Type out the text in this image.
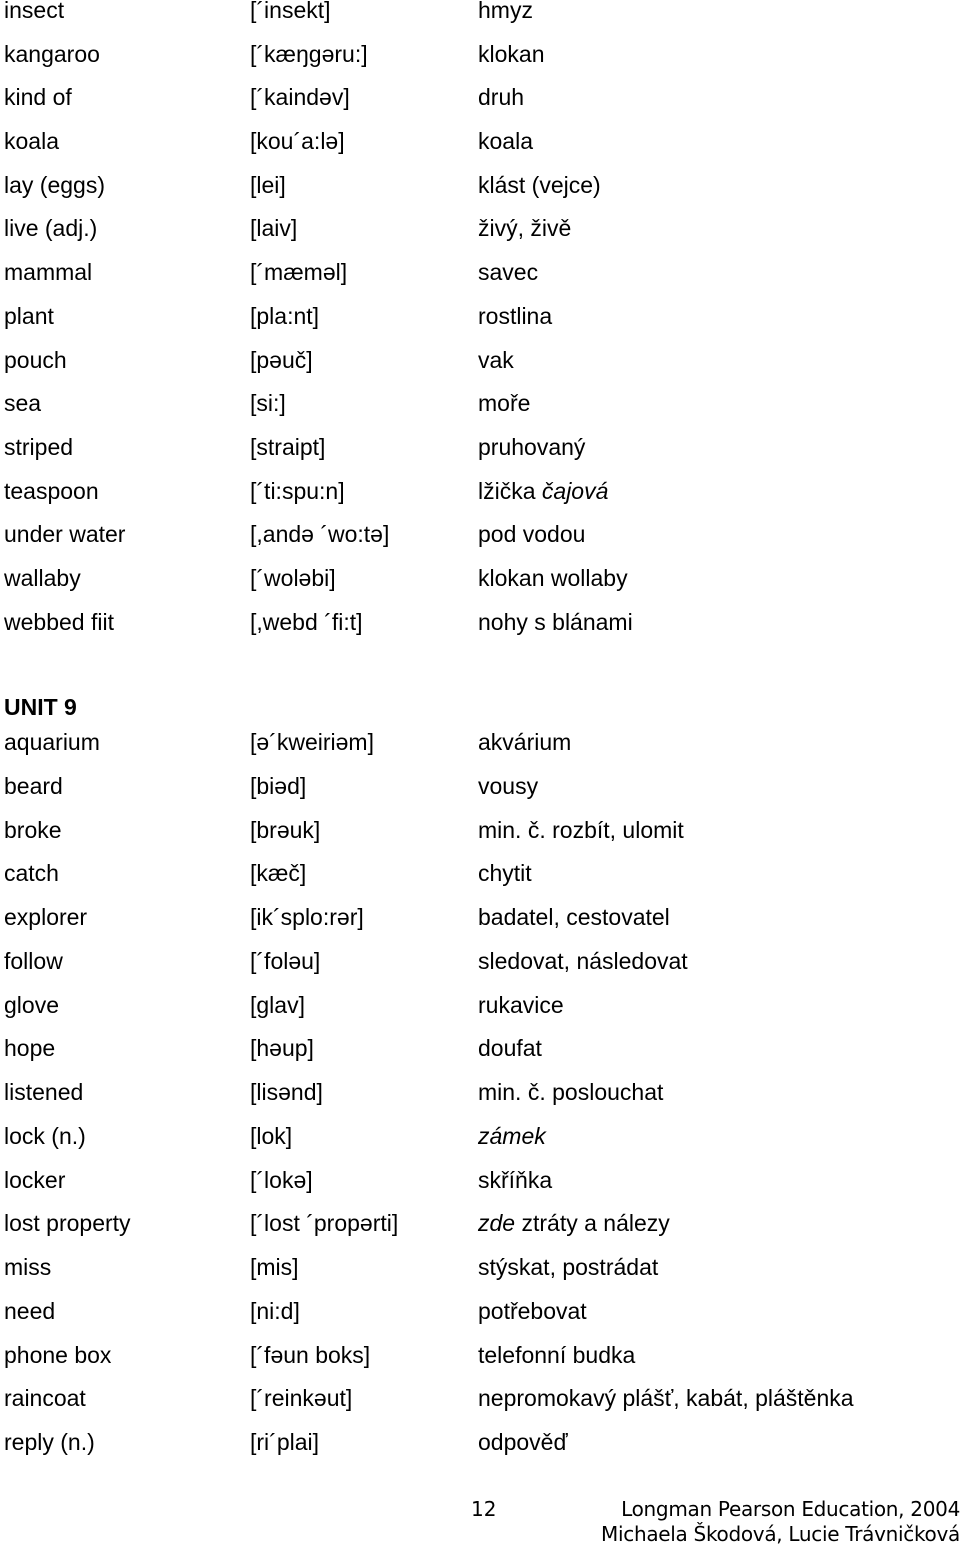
insect	[´insekt]	hmyz
kangaroo	[´kæŋgəru:]	klokan
kind of	[´kaindəv]	druh
koala	[kou´a:lə]	koala
lay (eggs)	[lei]	klást (vejce)
live (adj.)	[laiv]	živý, živě
mammal	[´mæməl]	savec
plant	[pla:nt]	rostlina
pouch	[pəuč]	vak
sea	[si:]	moře
striped	[straipt]	pruhovaný
teaspoon	[´ti:spu:n]	lžička čajová
under water	[,andə ´wo:tə]	pod vodou
wallaby	[´woləbi]	klokan wollaby
webbed fiit	[,webd ´fi:t]	nohy s blánami
UNIT 9
aquarium	[ə´kweiriəm]	akvárium
beard	[biəd]	vousy
broke	[brəuk]	min. č. rozbít, ulomit
catch	[kæč]	chytit
explorer	[ik´splo:rər]	badatel, cestovatel
follow	[´foləu]	sledovat, následovat
glove	[glav]	rukavice
hope	[həup]	doufat
listened	[lisənd]	min. č. poslouchat
lock (n.)	[lok]	zámek
locker	[´lokə]	skříňka
lost property	[´lost ´propərti]	zde ztráty a nálezy
miss	[mis]	stýskat, postrádat
need	[ni:d]	potřebovat
phone box	[´fəun boks]	telefonní budka
raincoat	[´reinkəut]	nepromokavý plášť, kabát, pláštěnka
reply (n.)	[ri´plai]	odpověď
12	Longman Pearson Education, 2004
Michaela Škodová, Lucie Trávničková
